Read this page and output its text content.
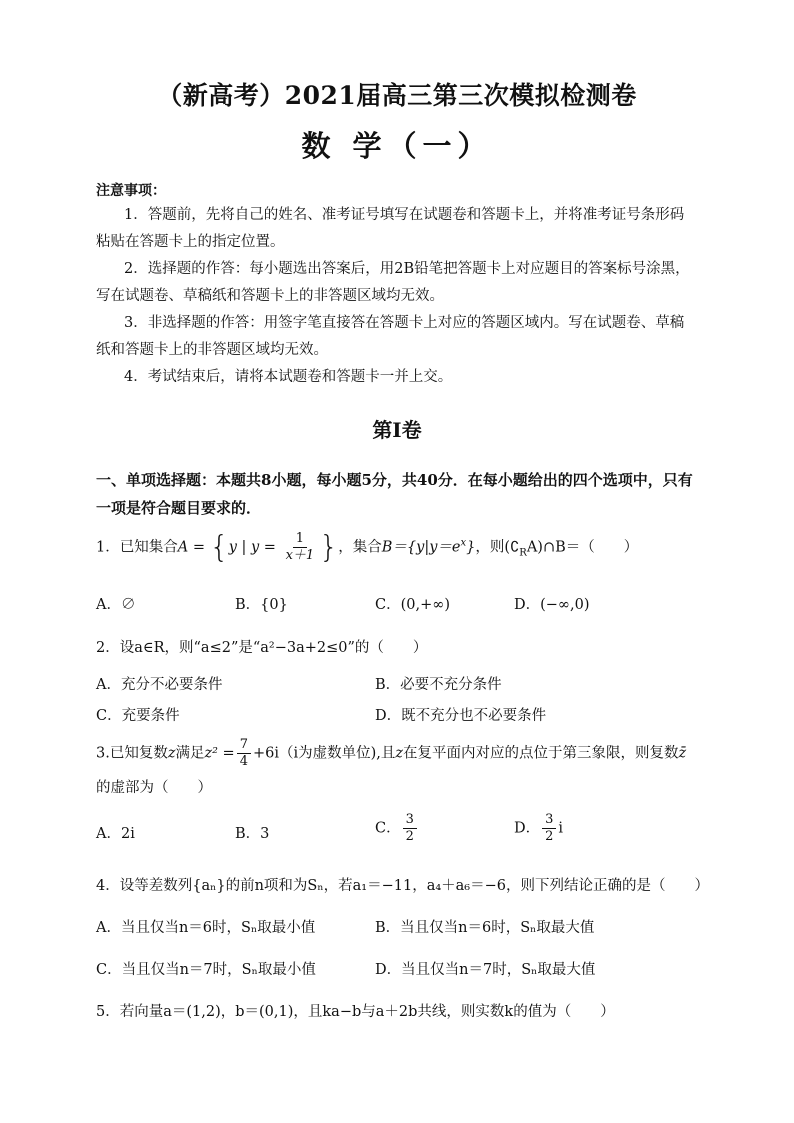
（新高考）2021届高三第三次模拟检测卷
数 学（一）
注意事项：
1．答题前，先将自己的姓名、准考证号填写在试题卷和答题卡上，并将准考证号条形码粘贴在答题卡上的指定位置。
2．选择题的作答：每小题选出答案后，用2B铅笔把答题卡上对应题目的答案标号涂黑，写在试题卷、草稿纸和答题卡上的非答题区域均无效。
3．非选择题的作答：用签字笔直接答在答题卡上对应的答题区域内。写在试题卷、草稿纸和答题卡上的非答题区域均无效。
4．考试结束后，请将本试题卷和答题卡一并上交。
第Ⅰ卷
一、单项选择题：本题共8小题，每小题5分，共40分．在每小题给出的四个选项中，只有一项是符合题目要求的．
1．已知集合A = {y | $y = \frac{1}{x+1}$ }，集合$B=\{y|y=e^x\}$，则$(∁_RA)\cap B=$（　　）
A．∅	B．{0}	C．(0,+∞)	D．(−∞,0)
2．设a∈R，则“a≤2”是“a²−3a+2≤0”的（　　）
A．充分不必要条件	B．必要不充分条件
C．充要条件	D．既不充分也不必要条件
3.已知复数z满足$z^2 = \frac{7}{4} +6i(i$为虚数单位),且z在复平面内对应的点位于第三象限，则复数z̄
的虚部为（　　）
A．2i	B．3	C． $\frac{3}{2}$	D． $\frac{3}{2}$ i
4．设等差数列{aₙ}的前n项和为Sₙ，若a₁＝−11，a₄＋a₆＝−6，则下列结论正确的是（　　）
A．当且仅当n＝6时，Sₙ取最小值	B．当且仅当n＝6时，Sₙ取最大值
C．当且仅当n＝7时，Sₙ取最小值	D．当且仅当n＝7时，Sₙ取最大值
5．若向量a＝(1,2)，b＝(0,1)，且ka−b与a＋2b共线，则实数k的值为（　　）
